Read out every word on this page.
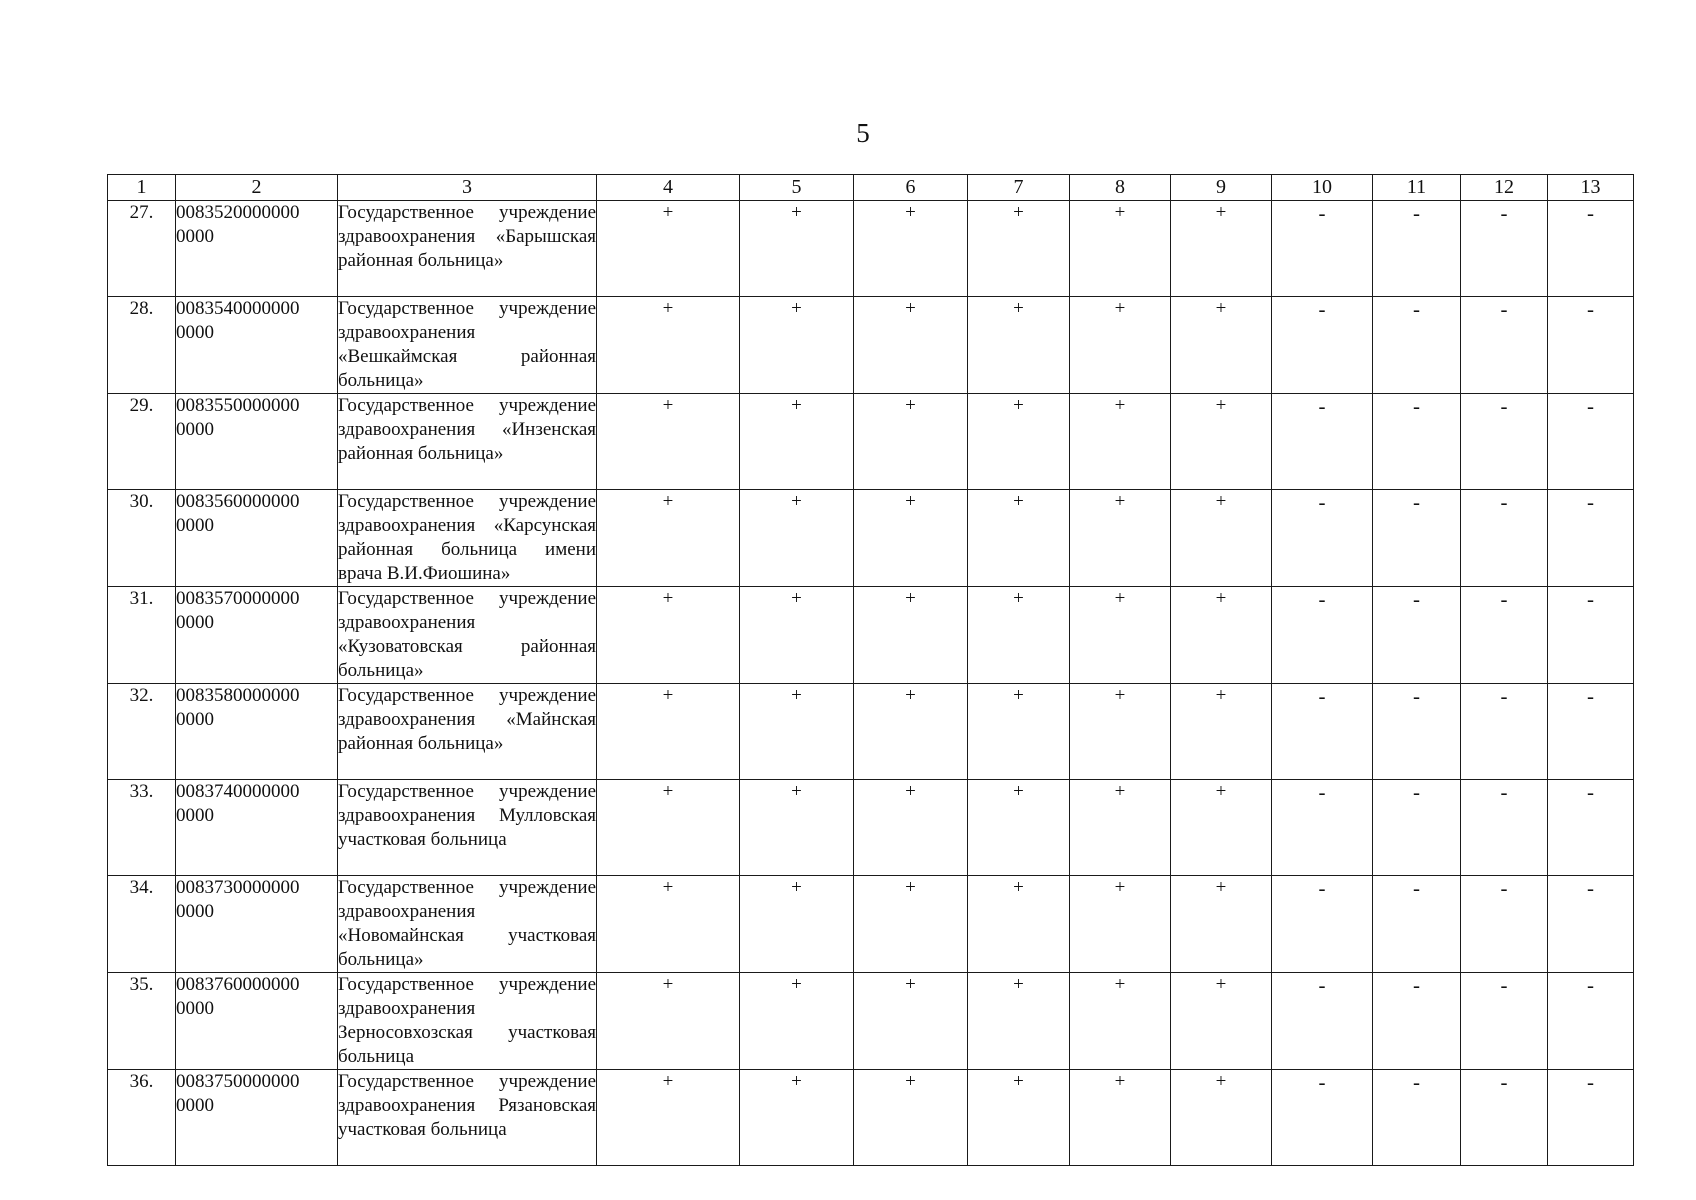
5
1	2	3	4	5	6	7	8	9	10	11	12	13
27.	0083520000000 0000	Государственное учреждение здравоохранения «Барышская районная больница»	+	+	+	+	+	+	-	-	-	-
28.	0083540000000 0000	Государственное учреждение здравоохранения «Вешкаймская районная больница»	+	+	+	+	+	+	-	-	-	-
29.	0083550000000 0000	Государственное учреждение здравоохранения «Инзенская районная больница»	+	+	+	+	+	+	-	-	-	-
30.	0083560000000 0000	Государственное учреждение здравоохранения «Карсунская районная больница имени врача В.И.Фиошина»	+	+	+	+	+	+	-	-	-	-
31.	0083570000000 0000	Государственное учреждение здравоохранения «Кузоватовская районная больница»	+	+	+	+	+	+	-	-	-	-
32.	0083580000000 0000	Государственное учреждение здравоохранения «Майнская районная больница»	+	+	+	+	+	+	-	-	-	-
33.	0083740000000 0000	Государственное учреждение здравоохранения Мулловская участковая больница	+	+	+	+	+	+	-	-	-	-
34.	0083730000000 0000	Государственное учреждение здравоохранения «Новомайнская участковая больница»	+	+	+	+	+	+	-	-	-	-
35.	0083760000000 0000	Государственное учреждение здравоохранения Зерносовхозская участковая больница	+	+	+	+	+	+	-	-	-	-
36.	0083750000000 0000	Государственное учреждение здравоохранения Рязановская участковая больница	+	+	+	+	+	+	-	-	-	-
